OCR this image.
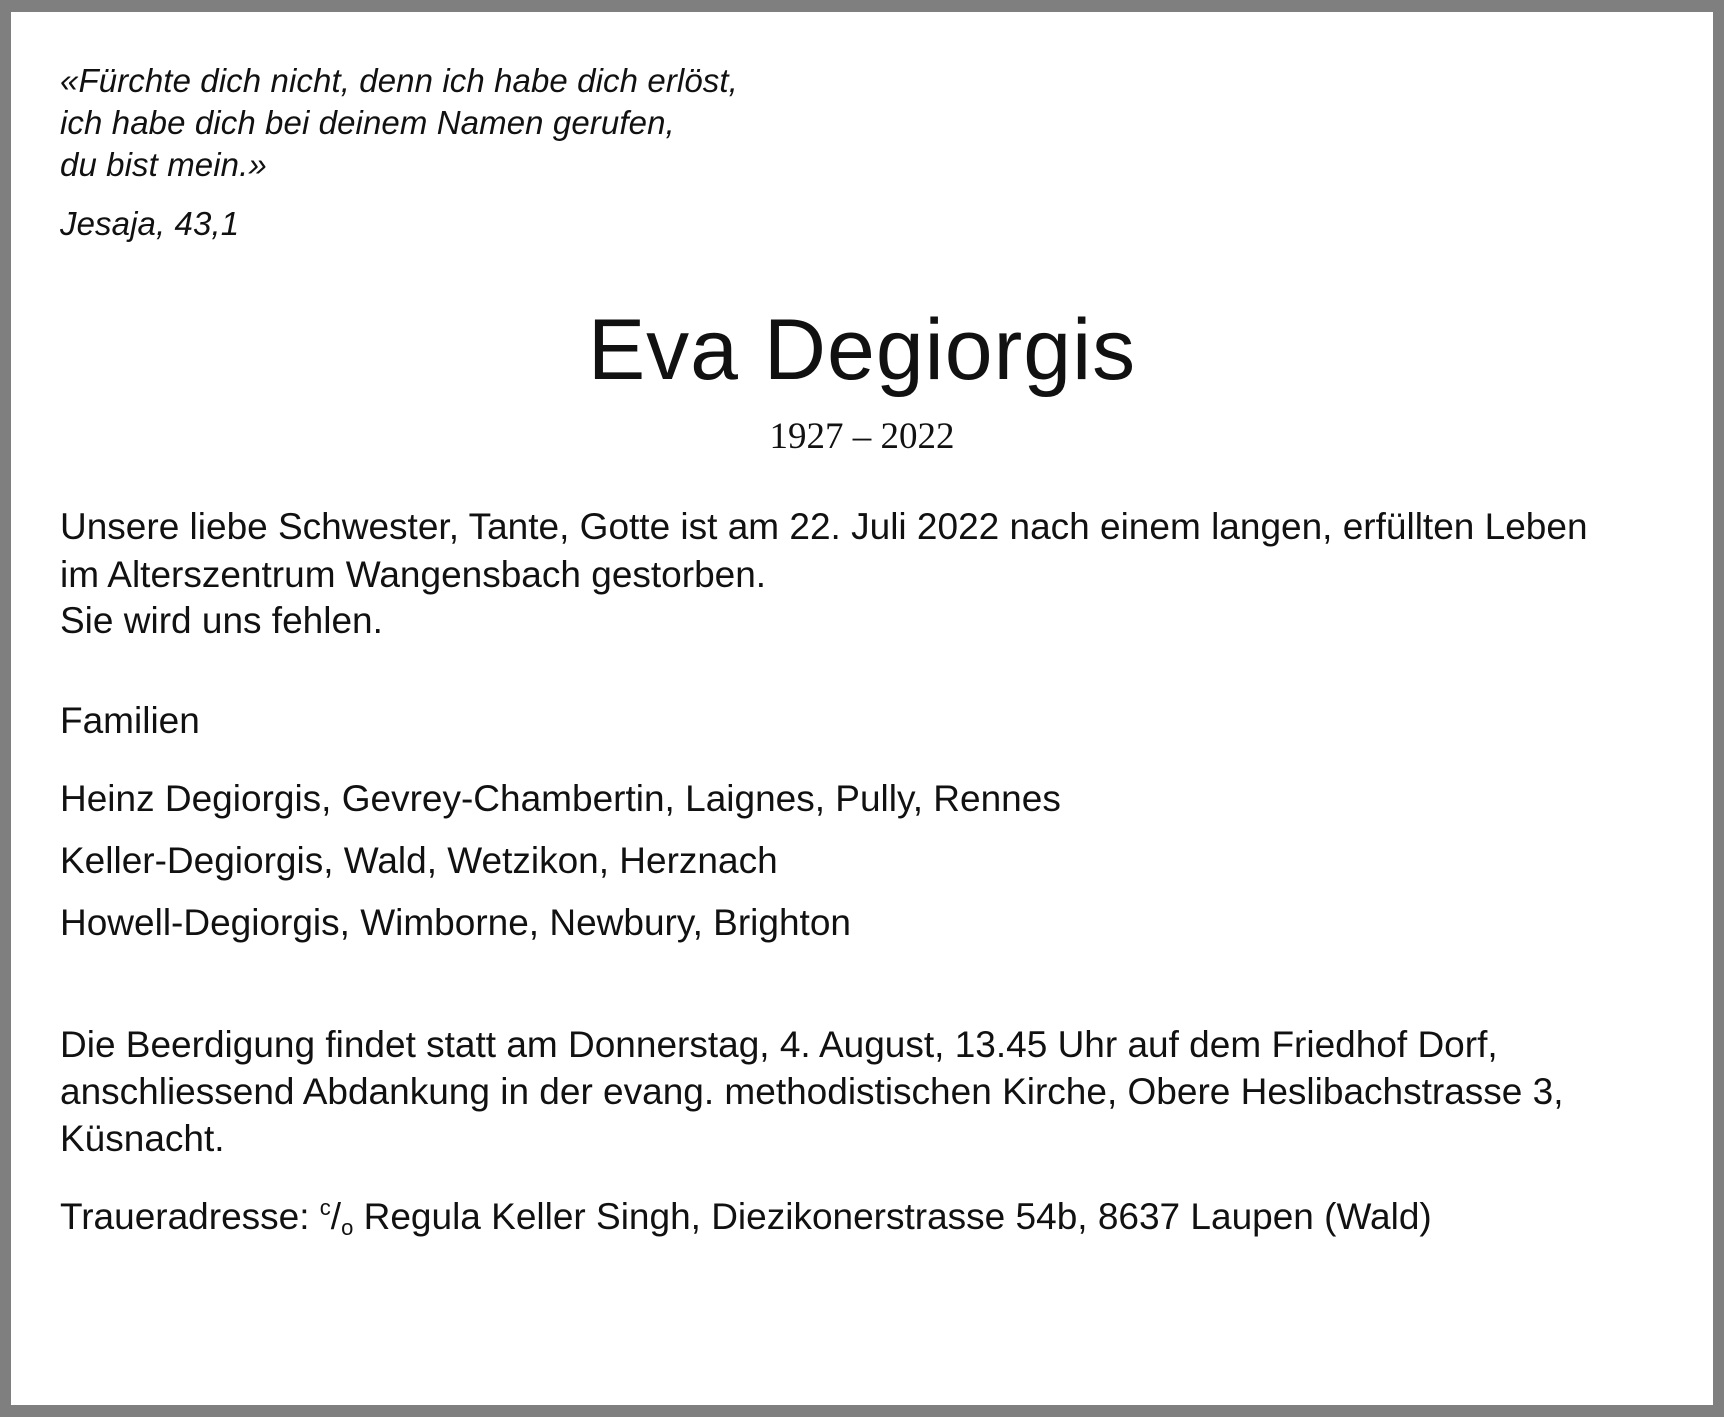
«Fürchte dich nicht, denn ich habe dich erlöst,
ich habe dich bei deinem Namen gerufen,
du bist mein.»
Jesaja, 43,1
Eva Degiorgis
1927 – 2022
Unsere liebe Schwester, Tante, Gotte ist am 22. Juli 2022 nach einem langen, erfüllten Leben
im Alterszentrum Wangensbach gestorben.
Sie wird uns fehlen.
Familien
Heinz Degiorgis, Gevrey-Chambertin, Laignes, Pully, Rennes
Keller-Degiorgis, Wald, Wetzikon, Herznach
Howell-Degiorgis, Wimborne, Newbury, Brighton
Die Beerdigung findet statt am Donnerstag, 4. August, 13.45 Uhr auf dem Friedhof Dorf,
anschliessend Abdankung in der evang. methodistischen Kirche, Obere Heslibachstrasse 3,
Küsnacht.
Traueradresse: $^c$/o Regula Keller Singh, Diezikonerstrasse 54b, 8637 Laupen (Wald)
